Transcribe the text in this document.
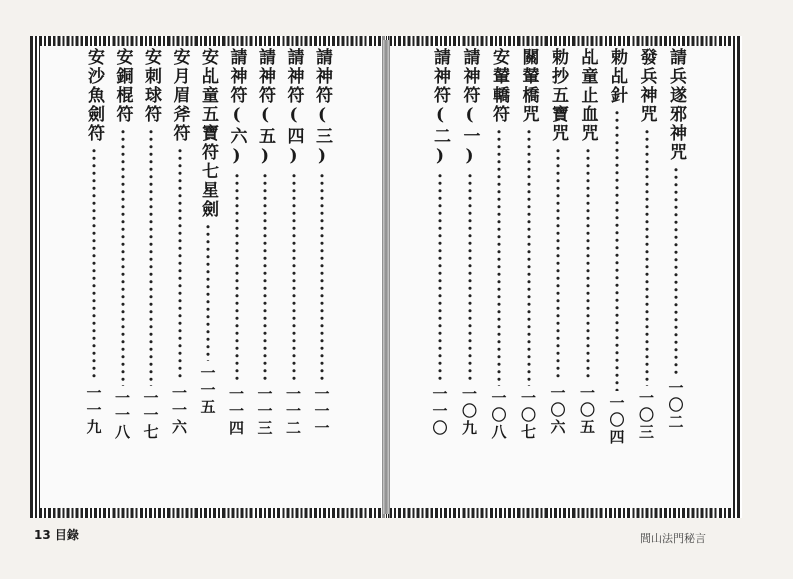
請兵遂邪神咒
一〇二
發兵神咒
一〇三
勅乩針
一〇四
乩童止血咒
一〇五
勅抄五寶咒
一〇六
關輦橋咒
一〇七
安輦轎符
一〇八
請神符(一)
一〇九
請神符(二)
一一〇
請神符(三)
一一一
請神符(四)
一一二
請神符(五)
一一三
請神符(六)
一一四
安乩童五寶符七星劍
一一五
安月眉斧符
一一六
安刺球符
一一七
安銅棍符
一一八
安沙魚劍符
一一九
13 目錄	閭山法門秘言
